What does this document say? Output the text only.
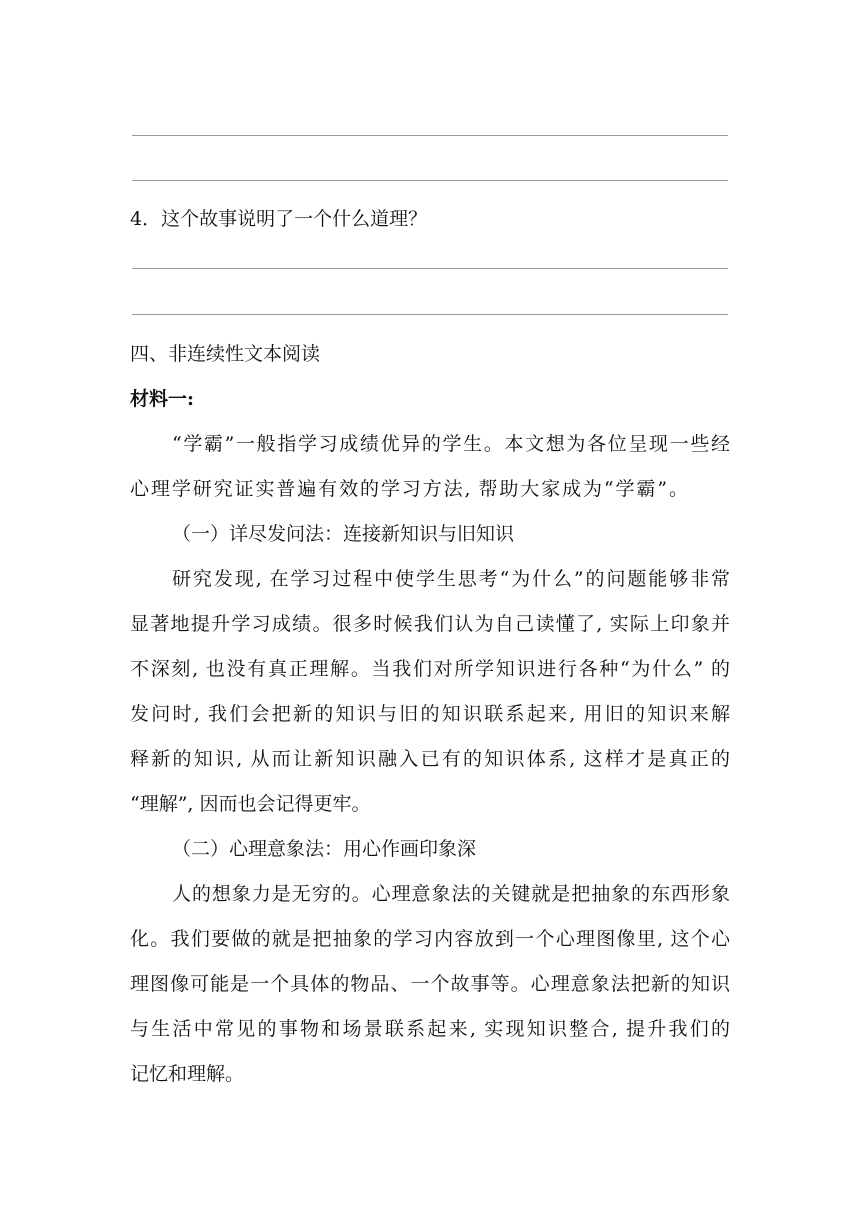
4．这个故事说明了一个什么道理？
四、非连续性文本阅读
材料一:
“学霸”一般指学习成绩优异的学生。本文想为各位呈现一些经
心理学研究证实普遍有效的学习方法, 帮助大家成为“学霸”。
（一）详尽发问法：连接新知识与旧知识
研究发现, 在学习过程中使学生思考“为什么”的问题能够非常
显著地提升学习成绩。很多时候我们认为自己读懂了, 实际上印象并
不深刻, 也没有真正理解。当我们对所学知识进行各种“为什么” 的
发问时, 我们会把新的知识与旧的知识联系起来, 用旧的知识来解
释新的知识, 从而让新知识融入已有的知识体系, 这样才是真正的
“理解”, 因而也会记得更牢。
（二）心理意象法：用心作画印象深
人的想象力是无穷的。心理意象法的关键就是把抽象的东西形象
化。我们要做的就是把抽象的学习内容放到一个心理图像里, 这个心
理图像可能是一个具体的物品、一个故事等。心理意象法把新的知识
与生活中常见的事物和场景联系起来, 实现知识整合, 提升我们的
记忆和理解。
